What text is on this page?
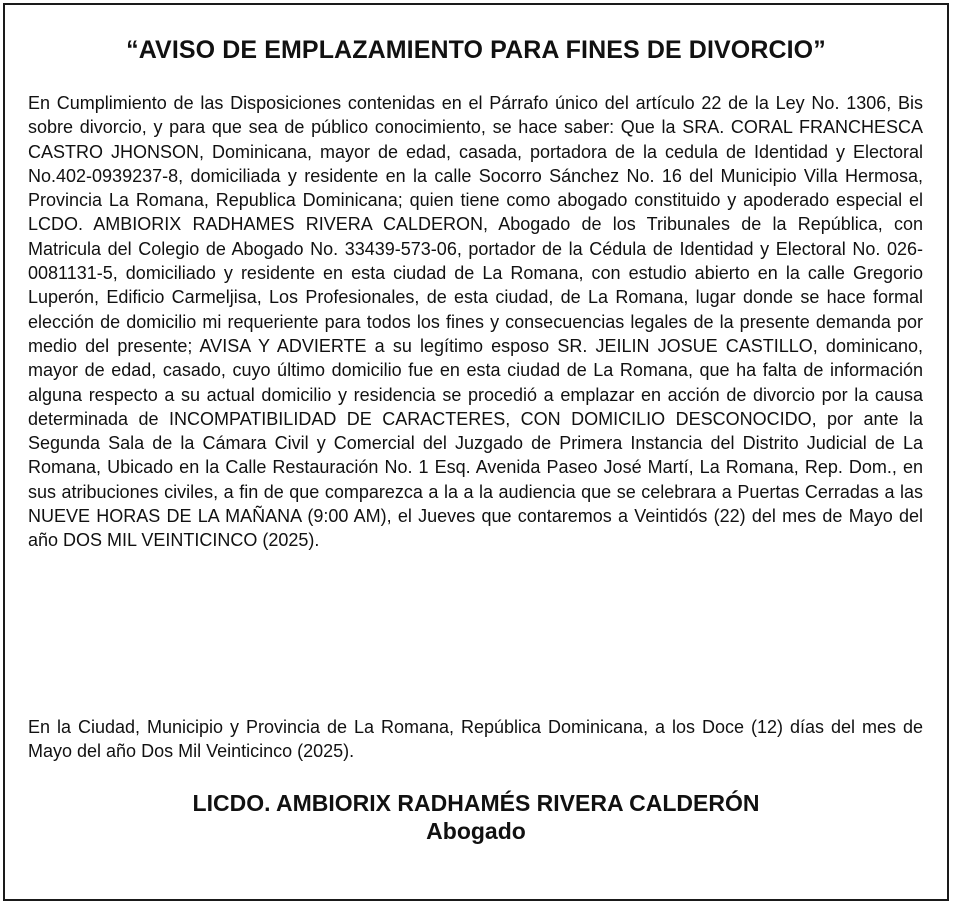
“AVISO DE EMPLAZAMIENTO PARA FINES DE DIVORCIO”

En Cumplimiento de las Disposiciones contenidas en el Párrafo único del artículo 22 de la Ley No. 1306, Bis sobre divorcio, y para que sea de público conocimiento, se hace saber: Que la SRA. CORAL FRANCHESCA CASTRO JHONSON, Dominicana, mayor de edad, casada, portadora de la cedula de Identidad y Electoral No.402-0939237-8, domiciliada y residente en la calle Socorro Sánchez No. 16 del Municipio Villa Hermosa, Provincia La Romana, Republica Dominicana; quien tiene como abogado constituido y apoderado especial el LCDO. AMBIORIX RADHAMES RIVERA CALDERON, Abogado de los Tribunales de la República, con Matricula del Colegio de Abogado No. 33439-573-06, portador de la Cédula de Identidad y Electoral No. 026- 0081131-5, domiciliado y residente en esta ciudad de La Romana, con estudio abierto en la calle Gregorio Luperón, Edificio Carmeljisa, Los Profesionales, de esta ciudad, de La Romana, lugar donde se hace formal elección de domicilio mi requeriente para todos los fines y consecuencias legales de la presente demanda por medio del presente; AVISA Y ADVIERTE a su legítimo esposo SR. JEILIN JOSUE CASTILLO, dominicano, mayor de edad, casado, cuyo último domicilio fue en esta ciudad de La Romana, que ha falta de información alguna respecto a su actual domicilio y residencia se procedió a emplazar en acción de divorcio por la causa determinada de INCOMPATIBILIDAD DE CARACTERES, CON DOMICILIO DESCONOCIDO, por ante la Segunda Sala de la Cámara Civil y Comercial del Juzgado de Primera Instancia del Distrito Judicial de La Romana, Ubicado en la Calle Restauración No. 1 Esq. Avenida Paseo José Martí, La Romana, Rep. Dom., en sus atribuciones civiles, a fin de que comparezca a la a la audiencia que se celebrara a Puertas Cerradas a las NUEVE HORAS DE LA MAÑANA (9:00 AM), el Jueves que contaremos a Veintidós (22) del mes de Mayo del año DOS MIL VEINTICINCO (2025).

En la Ciudad, Municipio y Provincia de La Romana, República Dominicana, a los Doce (12) días del mes de Mayo del año Dos Mil Veinticinco (2025).

LICDO. AMBIORIX RADHAMÉS RIVERA CALDERÓN
Abogado
